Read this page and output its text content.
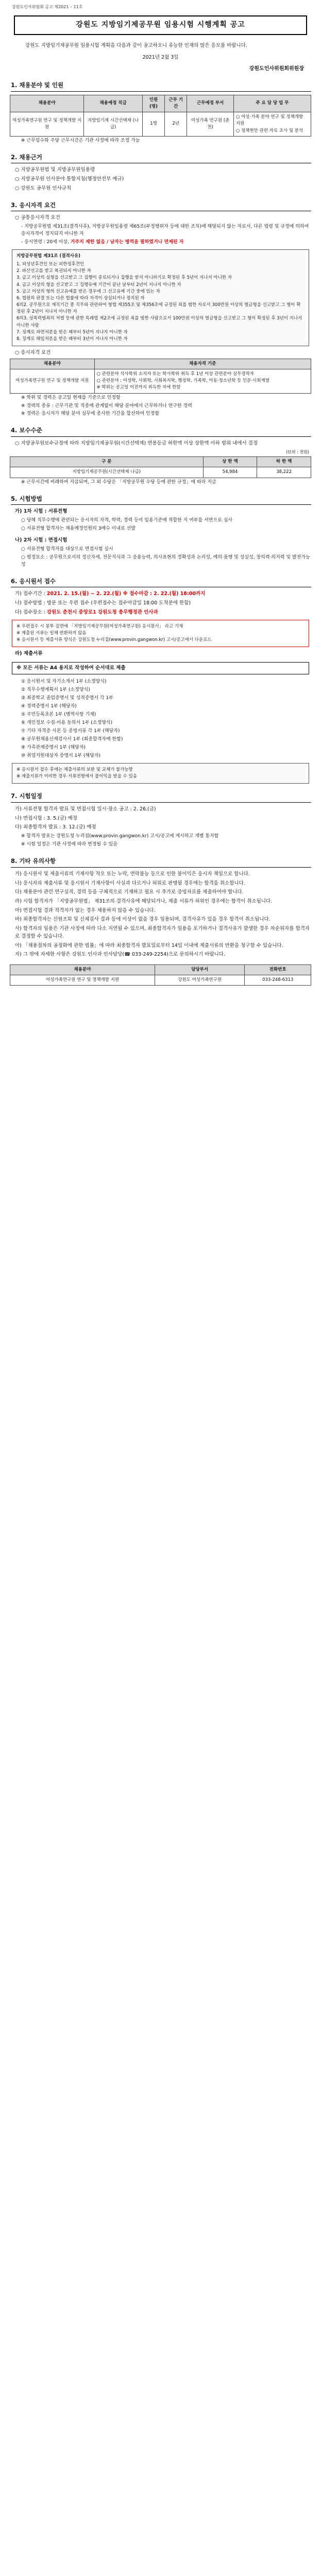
강원도인사위원회 공고 제2021 – 11호
강원도 지방임기제공무원 임용시험 시행계획 공고

강원도 지방임기제공무원 임용시험 계획을 다음과 같이 공고하오니 유능한 인재의 많은 응모를 바랍니다.

2021년 2월 3일
강원도인사위원회위원장
1. 채용분야 및 인원
채용분야	채용예정 직급	인원 (명)	근무 기간	근무예정 부서	주 요 담 당 업 무
여성가족연구원 연구 및 정책개발 지원	지방임기제 시간선택제 (나급)	1명	2년	여성가족 연구원 (춘천)	○ 여성·가족 분야 연구 및 정책개발 지원
○ 정책현안 관련 자료 조사 및 분석
※ 근무일수와 주당 근무시간은 기관 사정에 따라 조정 가능
2. 채용근거
○ 지방공무원법 및 지방공무원임용령
○ 지방공무원 인사분야 통합지침(행정안전부 예규)
○ 강원도 공무원 인사규칙
3. 응시자격 요건
○ 공통응시자격 요건
- 지방공무원법 제31조(결격사유), 지방공무원임용령 제65조(부정행위자 등에 대한 조치)에 해당되지 않는 자로서, 다른 법령 및 규정에 의하여 응시자격이 정지되지 아니한 자
- 응시연령 : 20세 이상, 거주지 제한 없음 / 남자는 병역을 필하였거나 면제된 자
지방공무원법 제31조 (결격사유)
1. 피성년후견인 또는 피한정후견인
2. 파산선고를 받고 복권되지 아니한 자
3. 금고 이상의 실형을 선고받고 그 집행이 종료되거나 집행을 받지 아니하기로 확정된 후 5년이 지나지 아니한 자
4. 금고 이상의 형을 선고받고 그 집행유예 기간이 끝난 날부터 2년이 지나지 아니한 자
5. 금고 이상의 형의 선고유예를 받은 경우에 그 선고유예 기간 중에 있는 자
6. 법원의 판결 또는 다른 법률에 따라 자격이 상실되거나 정지된 자
6의2. 공무원으로 재직기간 중 직무와 관련하여 형법 제355조 및 제356조에 규정된 죄를 범한 자로서 300만원 이상의 벌금형을 선고받고 그 형이 확정된 후 2년이 지나지 아니한 자
6의3. 성폭력범죄의 처벌 등에 관한 특례법 제2조에 규정된 죄를 범한 사람으로서 100만원 이상의 벌금형을 선고받고 그 형이 확정된 후 3년이 지나지 아니한 사람
7. 징계로 파면처분을 받은 때부터 5년이 지나지 아니한 자
8. 징계로 해임처분을 받은 때부터 3년이 지나지 아니한 자
○ 응시자격 요건
채용분야	채용자격 기준
여성가족연구원 연구 및 정책개발 지원	○ 관련분야 석사학위 소지자 또는 학사학위 취득 후 1년 이상 관련분야 실무경력자
○ 관련분야 : 여성학, 사회학, 사회복지학, 행정학, 가족학, 아동·청소년학 등 인문·사회계열
※ 학위는 공고일 이전까지 취득한 자에 한함
※ 학위 및 경력은 공고일 현재를 기준으로 인정함
※ 경력의 종류 : 근무기관 및 직종에 관계없이 해당 분야에서 근무하거나 연구한 경력
※ 경력은 응시자가 해당 분야 실무에 종사한 기간을 합산하여 인정함
4. 보수수준
○ 지방공무원보수규정에 따라 지방임기제공무원(시간선택제) 연봉등급 하한액 이상 상한액 이하 범위 내에서 결정
(단위 : 천원)
구 분	상 한 액	하 한 액
지방임기제공무원(시간선택제 나급)	54,984	38,222
※ 근무시간에 비례하여 지급되며, 그 외 수당은 「지방공무원 수당 등에 관한 규정」에 따라 지급
5. 시험방법
가) 1차 시험 : 서류전형
○ 당해 직무수행에 관련되는 응시자의 자격, 학력, 경력 등이 임용기준에 적합한 지 여부를 서면으로 심사
○ 서류전형 합격자는 채용예정인원의 3배수 이내로 선발
나) 2차 시험 : 면접시험
○ 서류전형 합격자를 대상으로 면접시험 실시
○ 평정요소 : 공무원으로서의 정신자세, 전문지식과 그 응용능력, 의사표현의 정확성과 논리성, 예의·품행 및 성실성, 창의력·의지력 및 발전가능성
6. 응시원서 접수
가) 접수기간 : 2021. 2. 15.(월) ~ 2. 22.(월) ※ 접수마감 : 2. 22.(월) 18:00까지
나) 접수방법 : 방문 또는 우편 접수 (우편접수는 접수마감일 18:00 도착분에 한함)
다) 접수장소 : 강원도 춘천시 중앙로1 강원도청 총무행정관 인사과
※ 우편접수 시 봉투 겉면에 「지방임기제공무원(여성가족연구원) 응시원서」 라고 기재
※ 제출된 서류는 일체 반환하지 않음
※ 응시원서 등 제출서류 양식은 강원도청 누리집(www.provin.gangwon.kr) 고시/공고에서 다운로드
라) 제출서류
※ 모든 서류는 A4 용지로 작성하여 순서대로 제출
① 응시원서 및 자기소개서 1부 (소정양식)
② 직무수행계획서 1부 (소정양식)
③ 최종학교 졸업증명서 및 성적증명서 각 1부
④ 경력증명서 1부 (해당자)
⑤ 주민등록초본 1부 (병역사항 기재)
⑥ 개인정보 수집·이용 동의서 1부 (소정양식)
⑦ 기타 자격증 사본 등 증빙서류 각 1부 (해당자)
⑧ 공무원채용신체검사서 1부 (최종합격자에 한함)
⑨ 가족관계증명서 1부 (해당자)
⑩ 취업지원대상자 증명서 1부 (해당자)
※ 응시원서 접수 후에는 제출서류의 보완 및 교체가 불가능함
※ 제출서류가 미비한 경우 서류전형에서 불이익을 받을 수 있음
7. 시험일정
가) 서류전형 합격자 발표 및 면접시험 일시·장소 공고 : 2. 26.(금)
나) 면접시험 : 3. 5.(금) 예정
다) 최종합격자 발표 : 3. 12.(금) 예정
※ 합격자 발표는 강원도청 누리집(www.provin.gangwon.kr) 고시/공고에 게시하고 개별 통지함
※ 시험 일정은 기관 사정에 따라 변경될 수 있음
8. 기타 유의사항
가) 응시원서 및 제출서류의 기재사항 착오 또는 누락, 연락불능 등으로 인한 불이익은 응시자 책임으로 합니다.
나) 응시자의 제출서류 및 응시원서 기재사항이 사실과 다르거나 허위로 판명될 경우에는 합격을 취소합니다.
다) 채용분야 관련 연구실적, 경력 등을 구체적으로 기재하고 필요 시 추가로 증빙자료를 제출하여야 합니다.
라) 시험 합격자가 「지방공무원법」 제31조의 결격사유에 해당되거나, 제출 서류가 허위인 경우에는 합격이 취소됩니다.
마) 면접시험 결과 적격자가 없는 경우 채용하지 않을 수 있습니다.
바) 최종합격자는 신원조회 및 신체검사 결과 등에 이상이 없을 경우 임용되며, 결격사유가 있을 경우 합격이 취소됩니다.
사) 합격자의 임용은 기관 사정에 따라 다소 지연될 수 있으며, 최종합격자가 임용을 포기하거나 결격사유가 발생한 경우 차순위자를 합격자로 결정할 수 있습니다.
아) 「채용절차의 공정화에 관한 법률」에 따라 최종합격자 발표일로부터 14일 이내에 제출서류의 반환을 청구할 수 있습니다.
자) 그 밖에 자세한 사항은 강원도 인사과 인사담당(☎ 033-249-2254)으로 문의하시기 바랍니다.
채용분야	담당부서	전화번호
여성가족연구원 연구 및 정책개발 지원	강원도 여성가족연구원	033-248-6313
